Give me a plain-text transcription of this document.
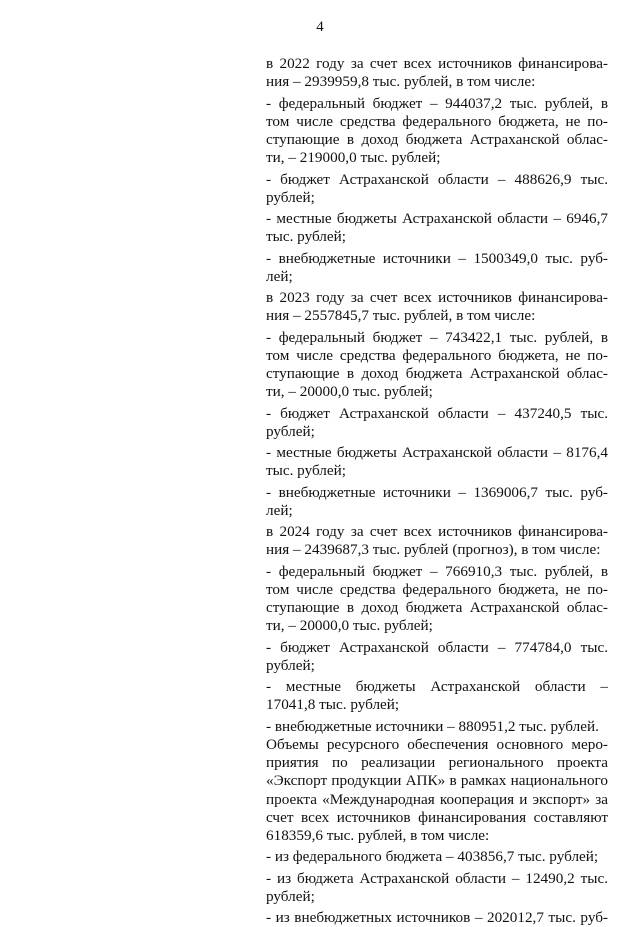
4
в 2022 году за счет всех источников финансирова-
ния – 2939959,8 тыс. рублей, в том числе:
- федеральный бюджет – 944037,2 тыс. рублей, в
том числе средства федерального бюджета, не по-
ступающие в доход бюджета Астраханской облас-
ти, – 219000,0 тыс. рублей;
- бюджет Астраханской области – 488626,9 тыс.
рублей;
- местные бюджеты Астраханской области – 6946,7
тыс. рублей;
- внебюджетные источники – 1500349,0 тыс. руб-
лей;
в 2023 году за счет всех источников финансирова-
ния – 2557845,7 тыс. рублей, в том числе:
- федеральный бюджет – 743422,1 тыс. рублей, в
том числе средства федерального бюджета, не по-
ступающие в доход бюджета Астраханской облас-
ти, – 20000,0 тыс. рублей;
- бюджет Астраханской области – 437240,5 тыс.
рублей;
- местные бюджеты Астраханской области – 8176,4
тыс. рублей;
- внебюджетные источники – 1369006,7 тыс. руб-
лей;
в 2024 году за счет всех источников финансирова-
ния – 2439687,3 тыс. рублей (прогноз), в том числе:
- федеральный бюджет – 766910,3 тыс. рублей, в
том числе средства федерального бюджета, не по-
ступающие в доход бюджета Астраханской облас-
ти, – 20000,0 тыс. рублей;
- бюджет Астраханской области – 774784,0 тыс.
рублей;
- местные бюджеты Астраханской области –
17041,8 тыс. рублей;
- внебюджетные источники – 880951,2 тыс. рублей.
Объемы ресурсного обеспечения основного меро-
приятия по реализации регионального проекта
«Экспорт продукции АПК» в рамках национального
проекта «Международная кооперация и экспорт» за
счет всех источников финансирования составляют
618359,6 тыс. рублей, в том числе:
- из федерального бюджета – 403856,7 тыс. рублей;
- из бюджета Астраханской области – 12490,2 тыс.
рублей;
- из внебюджетных источников – 202012,7 тыс. руб-
